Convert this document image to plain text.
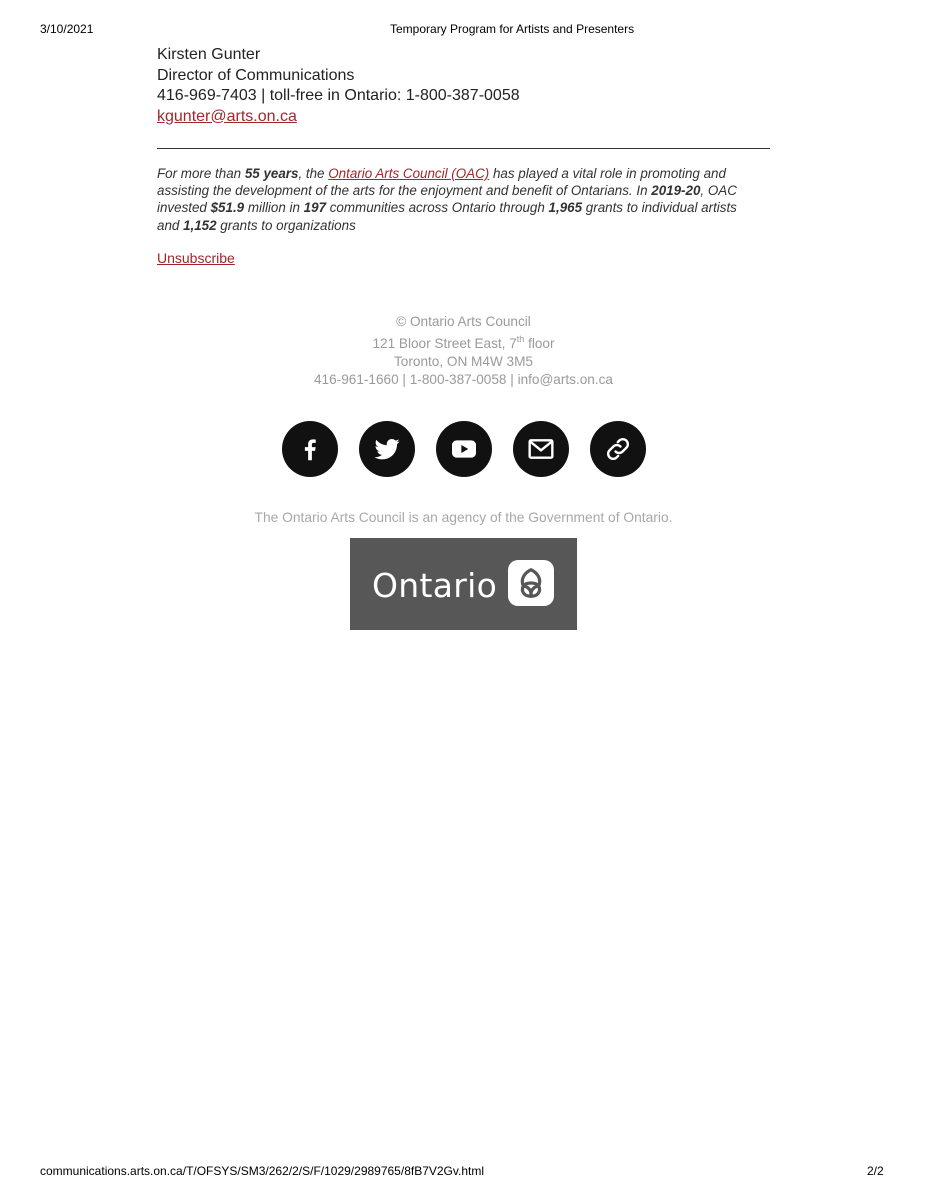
3/10/2021	Temporary Program for Artists and Presenters
Kirsten Gunter
Director of Communications
416-969-7403 | toll-free in Ontario: 1-800-387-0058
kgunter@arts.on.ca
For more than 55 years, the Ontario Arts Council (OAC) has played a vital role in promoting and assisting the development of the arts for the enjoyment and benefit of Ontarians. In 2019-20, OAC invested $51.9 million in 197 communities across Ontario through 1,965 grants to individual artists and 1,152 grants to organizations
Unsubscribe
© Ontario Arts Council
121 Bloor Street East, 7th floor
Toronto, ON M4W 3M5
416-961-1660 | 1-800-387-0058 | info@arts.on.ca
The Ontario Arts Council is an agency of the Government of Ontario.
Ontario
communications.arts.on.ca/T/OFSYS/SM3/262/2/S/F/1029/2989765/8fB7V2Gv.html	2/2
